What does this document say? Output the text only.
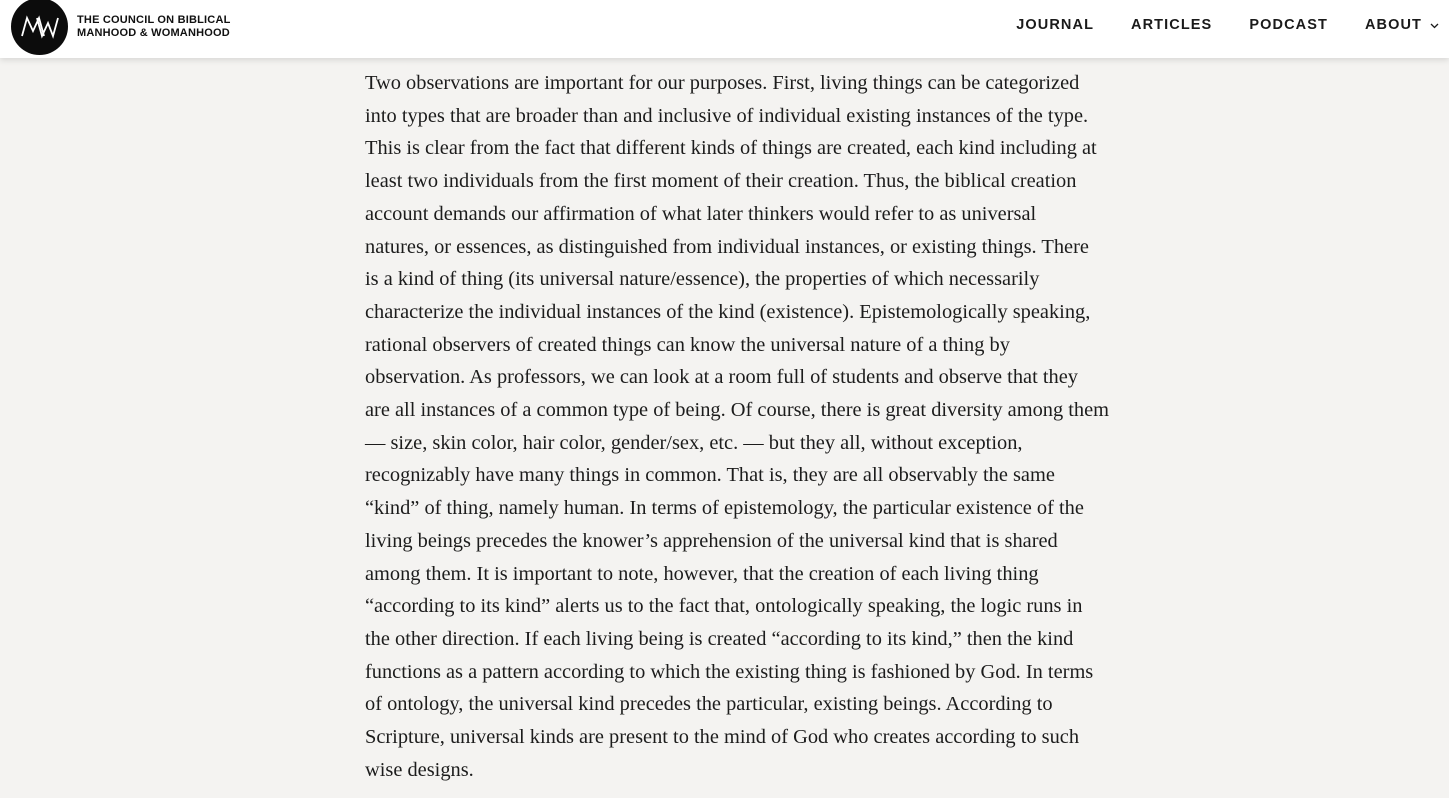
THE COUNCIL ON BIBLICAL
MANHOOD & WOMANHOOD	JOURNAL	ARTICLES	PODCAST	ABOUT

Two observations are important for our purposes. First, living things can be categorized
into types that are broader than and inclusive of individual existing instances of the type.
This is clear from the fact that different kinds of things are created, each kind including at
least two individuals from the first moment of their creation. Thus, the biblical creation
account demands our affirmation of what later thinkers would refer to as universal
natures, or essences, as distinguished from individual instances, or existing things. There
is a kind of thing (its universal nature/essence), the properties of which necessarily
characterize the individual instances of the kind (existence). Epistemologically speaking,
rational observers of created things can know the universal nature of a thing by
observation. As professors, we can look at a room full of students and observe that they
are all instances of a common type of being. Of course, there is great diversity among them
— size, skin color, hair color, gender/sex, etc. — but they all, without exception,
recognizably have many things in common. That is, they are all observably the same
“kind” of thing, namely human. In terms of epistemology, the particular existence of the
living beings precedes the knower’s apprehension of the universal kind that is shared
among them. It is important to note, however, that the creation of each living thing
“according to its kind” alerts us to the fact that, ontologically speaking, the logic runs in
the other direction. If each living being is created “according to its kind,” then the kind
functions as a pattern according to which the existing thing is fashioned by God. In terms
of ontology, the universal kind precedes the particular, existing beings. According to
Scripture, universal kinds are present to the mind of God who creates according to such
wise designs.
